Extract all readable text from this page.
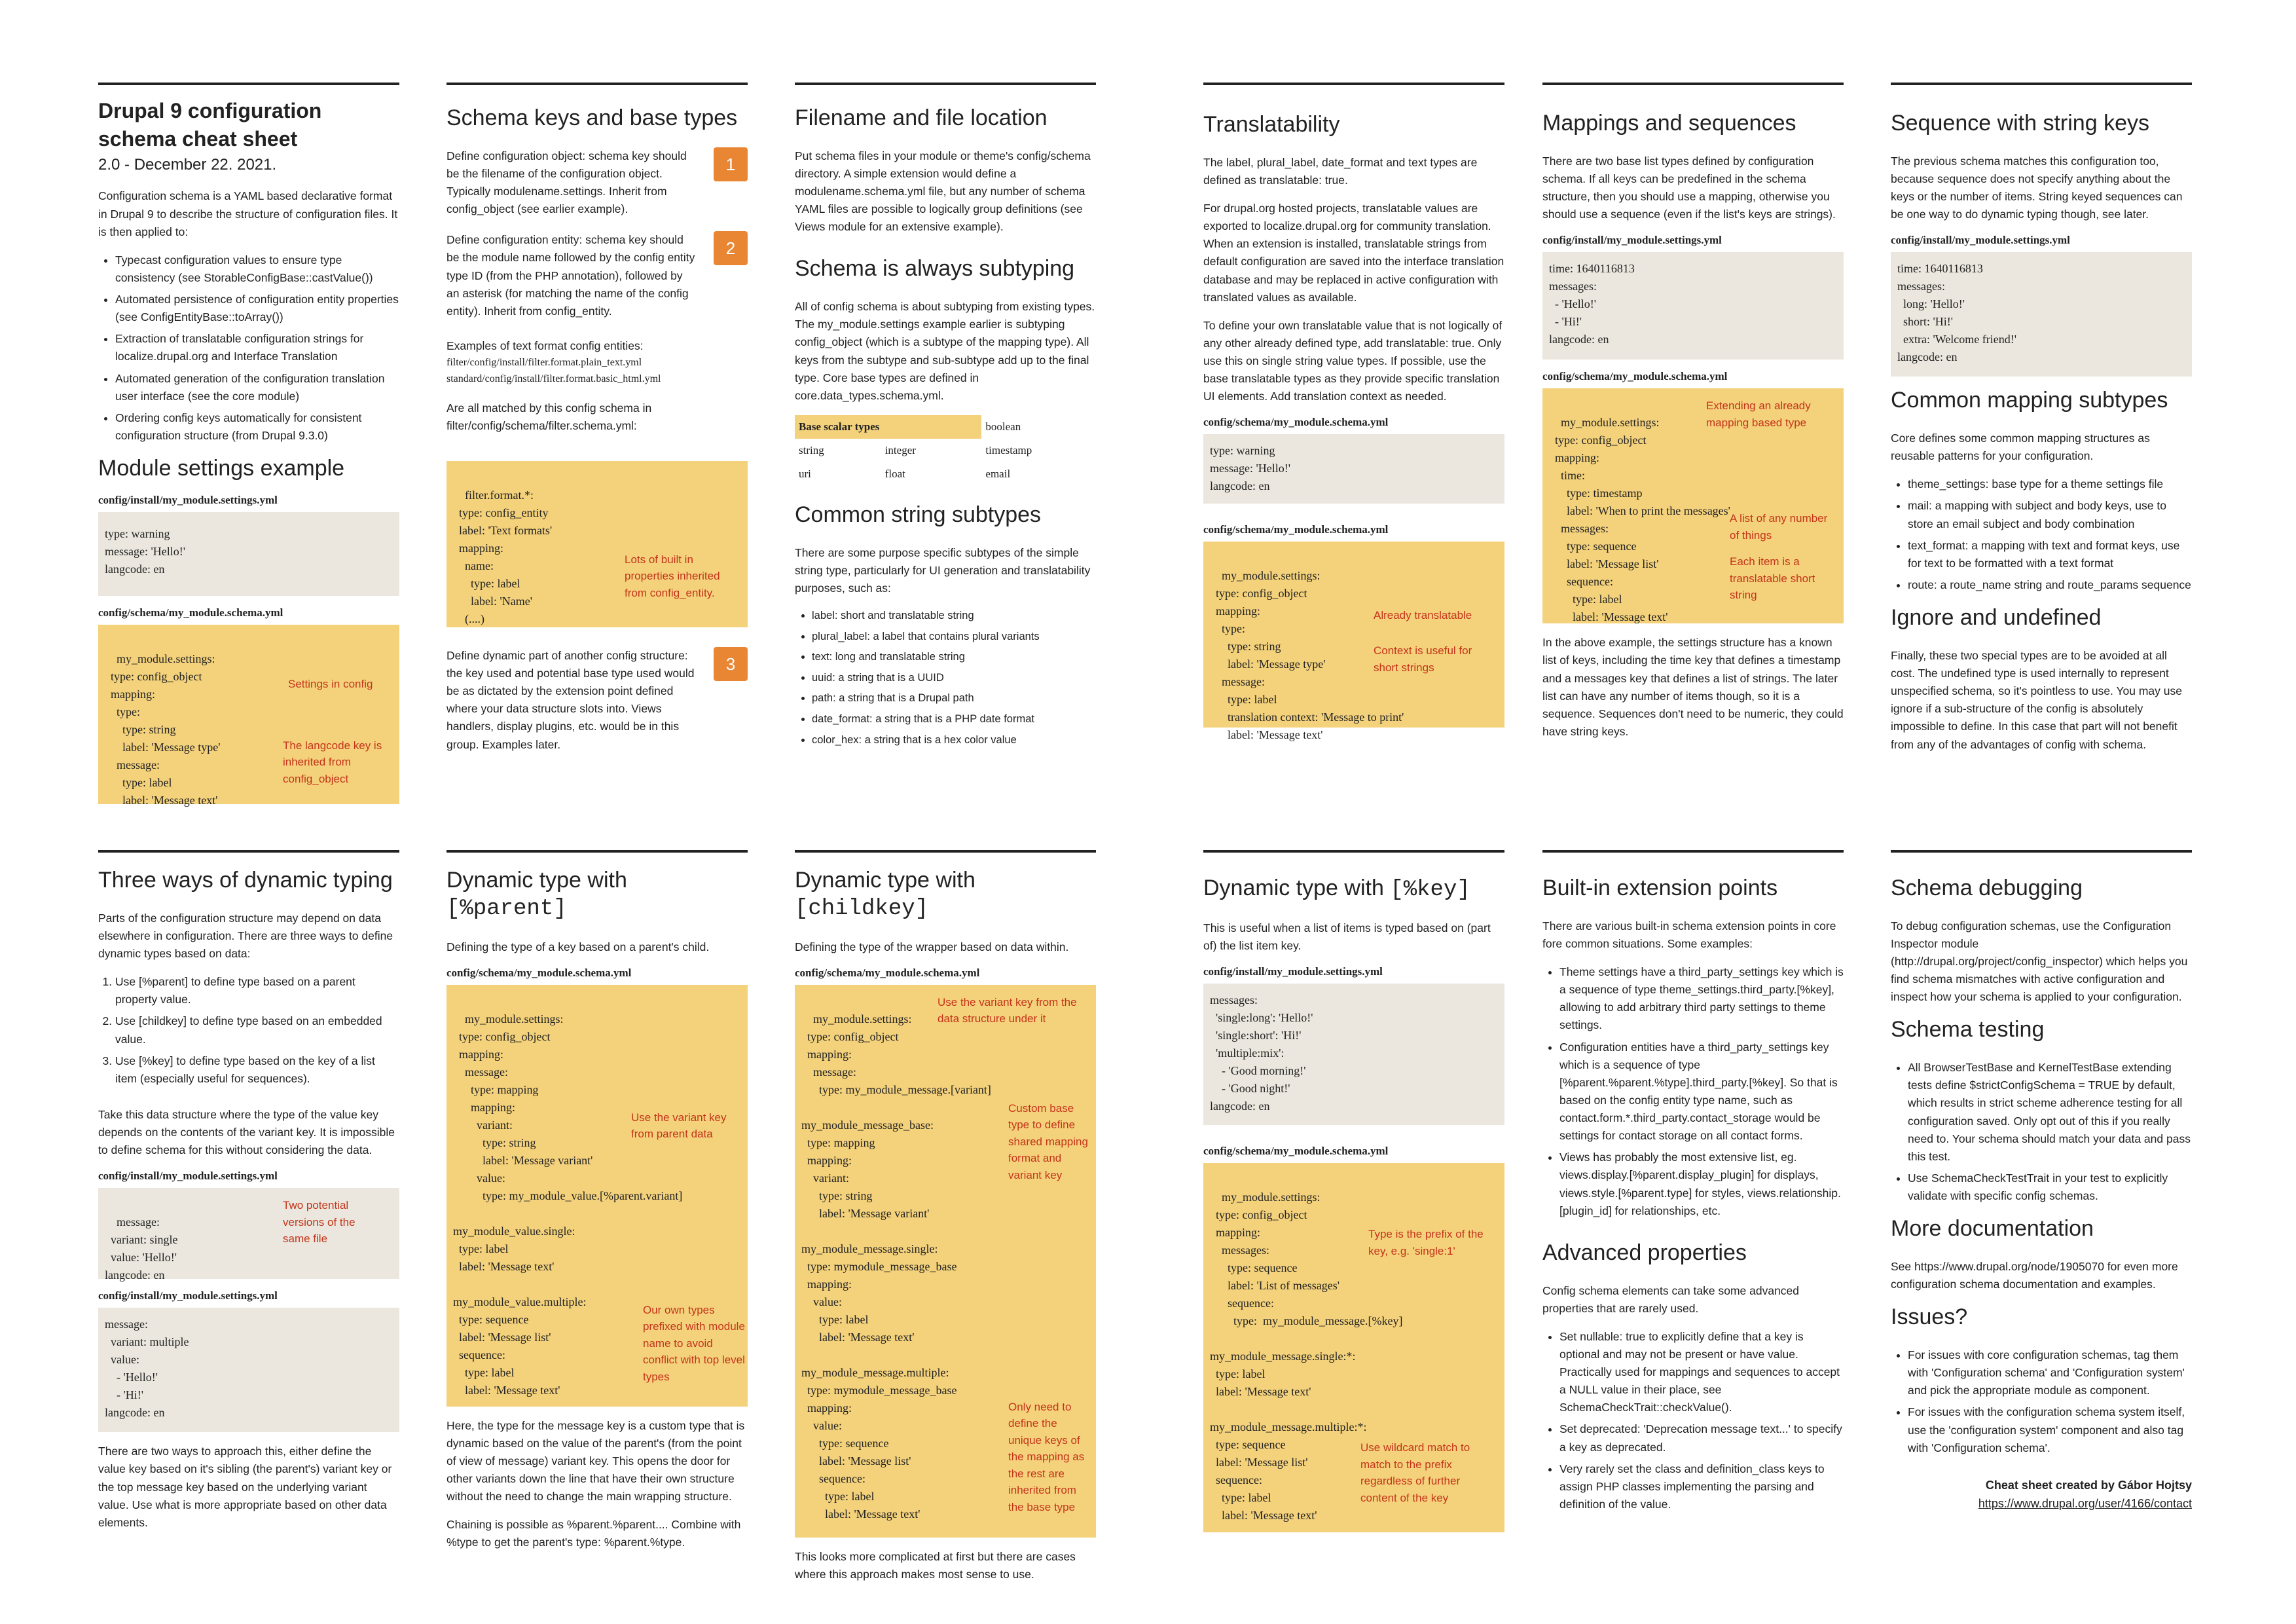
Drupal 9 configuration
schema cheat sheet
2.0 - December 22. 2021.

Configuration schema is a YAML based declarative format in Drupal 9 to describe the structure of configuration files. It is then applied to:

• Typecast configuration values to ensure type consistency (see StorableConfigBase::castValue())
• Automated persistence of configuration entity properties (see ConfigEntityBase::toArray())
• Extraction of translatable configuration strings for localize.drupal.org and Interface Translation
• Automated generation of the configuration translation user interface (see the core module)
• Ordering config keys automatically for consistent configuration structure (from Drupal 9.3.0)
Module settings example
config/install/my_module.settings.yml
type: warning
message: 'Hello!'
langcode: en
config/schema/my_module.schema.yml

my_module.settings:
type: config_object
mapping:
type:
type: string
label: 'Message type'
message:
type: label
label: 'Message text'

Settings in config

The langcode key is inherited from config_object

Schema keys and base types
1

Define configuration object: schema key should be the filename of the configuration object. Typically modulename.settings. Inherit from config_object (see earlier example).

2

Define configuration entity: schema key should be the module name followed by the config entity type ID (from the PHP annotation), followed by an asterisk (for matching the name of the config entity). Inherit from config_entity.

Examples of text format config entities:

filter/config/install/filter.format.plain_text.yml
standard/config/install/filter.format.basic_html.yml

Are all matched by this config schema in filter/config/schema/filter.schema.yml:

filter.format.*:
type: config_entity
label: 'Text formats'
mapping:
name:
type: label
label: 'Name'
(....)

Lots of built in properties inherited from config_entity.

3

Define dynamic part of another config structure: the key used and potential base type used would be as dictated by the extension point defined where your data structure slots into. Views handlers, display plugins, etc. would be in this group. Examples later.

Filename and file location

Put schema files in your module or theme's config/schema directory. A simple extension would define a modulename.schema.yml file, but any number of schema YAML files are possible to logically group definitions (see Views module for an extensive example).

Schema is always subtyping

All of config schema is about subtyping from existing types. The my_module.settings example earlier is subtyping config_object (which is a subtype of the mapping type). All keys from the subtype and sub-subtype add up to the final type. Core base types are defined in core.data_types.schema.yml.

Base scalar types		boolean
string	integer	timestamp
uri	float	email
Common string subtypes

There are some purpose specific subtypes of the simple string type, particularly for UI generation and translatability purposes, such as:

• label: short and translatable string
• plural_label: a label that contains plural variants
• text: long and translatable string
• uuid: a string that is a UUID
• path: a string that is a Drupal path
• date_format: a string that is a PHP date format
• color_hex: a string that is a hex color value
Translatability

The label, plural_label, date_format and text types are defined as translatable: true.

For drupal.org hosted projects, translatable values are exported to localize.drupal.org for community translation. When an extension is installed, translatable strings from default configuration are saved into the interface translation database and may be replaced in active configuration with translated values as available.

To define your own translatable value that is not logically of any other already defined type, add translatable: true. Only use this on single string value types. If possible, use the base translatable types as they provide specific translation UI elements. Add translation context as needed.

config/schema/my_module.schema.yml
type: warning
message: 'Hello!'
langcode: en
config/schema/my_module.schema.yml

my_module.settings:
type: config_object
mapping:
type:
type: string
label: 'Message type'
message:
type: label
translation context: 'Message to print'
label: 'Message text'

Already translatable

Context is useful for short strings

Mappings and sequences

There are two base list types defined by configuration schema. If all keys can be predefined in the schema structure, then you should use a mapping, otherwise you should use a sequence (even if the list's keys are strings).

config/install/my_module.settings.yml
time: 1640116813
messages:
- 'Hello!'
- 'Hi!'
langcode: en
config/schema/my_module.schema.yml

my_module.settings:
type: config_object
mapping:
time:
type: timestamp
label: 'When to print the messages'
messages:
type: sequence
label: 'Message list'
sequence:
type: label
label: 'Message text'

Extending an already mapping based type

A list of any number of things

Each item is a translatable short string

In the above example, the settings structure has a known list of keys, including the time key that defines a timestamp and a messages key that defines a list of strings. The later list can have any number of items though, so it is a sequence. Sequences don't need to be numeric, they could have string keys.

Sequence with string keys

The previous schema matches this configuration too, because sequence does not specify anything about the keys or the number of items. String keyed sequences can be one way to do dynamic typing though, see later.

config/install/my_module.settings.yml
time: 1640116813
messages:
long: 'Hello!'
short: 'Hi!'
extra: 'Welcome friend!'
langcode: en
Common mapping subtypes

Core defines some common mapping structures as reusable patterns for your configuration.

• theme_settings: base type for a theme settings file
• mail: a mapping with subject and body keys, use to store an email subject and body combination
• text_format: a mapping with text and format keys, use for text to be formatted with a text format
• route: a route_name string and route_params sequence
Ignore and undefined

Finally, these two special types are to be avoided at all cost. The undefined type is used internally to represent unspecified schema, so it's pointless to use. You may use ignore if a sub-structure of the config is absolutely impossible to define. In this case that part will not benefit from any of the advantages of config with schema.

Three ways of dynamic typing

Parts of the configuration structure may depend on data elsewhere in configuration. There are three ways to define dynamic types based on data:

1. Use [%parent] to define type based on a parent property value.
2. Use [childkey] to define type based on an embedded value.
3. Use [%key] to define type based on the key of a list item (especially useful for sequences).

Take this data structure where the type of the value key depends on the contents of the variant key. It is impossible to define schema for this without considering the data.

config/install/my_module.settings.yml

message:
variant: single
value: 'Hello!'
langcode: en

Two potential versions of the same file

config/install/my_module.settings.yml
message:
variant: multiple
value:
- 'Hello!'
- 'Hi!'
langcode: en

There are two ways to approach this, either define the value key based on it's sibling (the parent's) variant key or the top message key based on the underlying variant value. Use what is more appropriate based on other data elements.

Dynamic type with [%parent]

Defining the type of a key based on a parent's child.

config/schema/my_module.schema.yml

my_module.settings:
type: config_object
mapping:
message:
type: mapping
mapping:
variant:
type: string
label: 'Message variant'
value:
type: my_module_value.[%parent.variant]

my_module_value.single:
type: label
label: 'Message text'

my_module_value.multiple:
type: sequence
label: 'Message list'
sequence:
type: label
label: 'Message text'

Use the variant key from parent data

Our own types prefixed with module name to avoid conflict with top level types

Here, the type for the message key is a custom type that is dynamic based on the value of the parent's (from the point of view of message) variant key. This opens the door for other variants down the line that have their own structure without the need to change the main wrapping structure.

Chaining is possible as %parent.%parent.... Combine with %type to get the parent's type: %parent.%type.

Dynamic type with [childkey]

Defining the type of the wrapper based on data within.

config/schema/my_module.schema.yml

my_module.settings:
type: config_object
mapping:
message:
type: my_module_message.[variant]

my_module_message_base:
type: mapping
mapping:
variant:
type: string
label: 'Message variant'

my_module_message.single:
type: mymodule_message_base
mapping:
value:
type: label
label: 'Message text'

my_module_message.multiple:
type: mymodule_message_base
mapping:
value:
type: sequence
label: 'Message list'
sequence:
type: label
label: 'Message text'

Use the variant key from the data structure under it

Custom base type to define shared mapping format and variant key

Only need to define the unique keys of the mapping as the rest are inherited from the base type

This looks more complicated at first but there are cases where this approach makes most sense to use.

Dynamic type with [%key]

This is useful when a list of items is typed based on (part of) the list item key.

config/install/my_module.settings.yml
messages:
'single:long': 'Hello!'
'single:short': 'Hi!'
'multiple:mix':
- 'Good morning!'
- 'Good night!'
langcode: en
config/schema/my_module.schema.yml

my_module.settings:
type: config_object
mapping:
messages:
type: sequence
label: 'List of messages'
sequence:
type:  my_module_message.[%key]

my_module_message.single:*:
type: label
label: 'Message text'

my_module_message.multiple:*:
type: sequence
label: 'Message list'
sequence:
type: label
label: 'Message text'

Type is the prefix of the key, e.g. 'single:1'

Use wildcard match to match to the prefix regardless of further content of the key

Built-in extension points

There are various built-in schema extension points in core fore common situations. Some examples:

• Theme settings have a third_party_settings key which is a sequence of type theme_settings.third_party.[%key], allowing to add arbitrary third party settings to theme settings.
• Configuration entities have a third_party_settings key which is a sequence of type [%parent.%parent.%type].third_party.[%key]. So that is based on the config entity type name, such as contact.form.*.third_party.contact_storage would be settings for contact storage on all contact forms.
• Views has probably the most extensive list, eg. views.display.[%parent.display_plugin] for displays, views.style.[%parent.type] for styles, views.relationship.[plugin_id] for relationships, etc.
Advanced properties

Config schema elements can take some advanced properties that are rarely used.

• Set nullable: true to explicitly define that a key is optional and may not be present or have value. Practically used for mappings and sequences to accept a NULL value in their place, see SchemaCheckTrait::checkValue().
• Set deprecated: 'Deprecation message text...' to specify a key as deprecated.
• Very rarely set the class and definition_class keys to assign PHP classes implementing the parsing and definition of the value.
Schema debugging

To debug configuration schemas, use the Configuration Inspector module (http://drupal.org/project/config_inspector) which helps you find schema mismatches with active configuration and inspect how your schema is applied to your configuration.

Schema testing
• All BrowserTestBase and KernelTestBase extending tests define $strictConfigSchema = TRUE by default, which results in strict scheme adherence testing for all configuration saved. Only opt out of this if you really need to. Your schema should match your data and pass this test.
• Use SchemaCheckTestTrait in your test to explicitly validate with specific config schemas.
More documentation

See https://www.drupal.org/node/1905070 for even more configuration schema documentation and examples.

Issues?
• For issues with core configuration schemas, tag them with 'Configuration schema' and 'Configuration system' and pick the appropriate module as component.
• For issues with the configuration schema system itself, use the 'configuration system' component and also tag with 'Configuration schema'.
Cheat sheet created by Gábor Hojtsy
https://www.drupal.org/user/4166/contact
